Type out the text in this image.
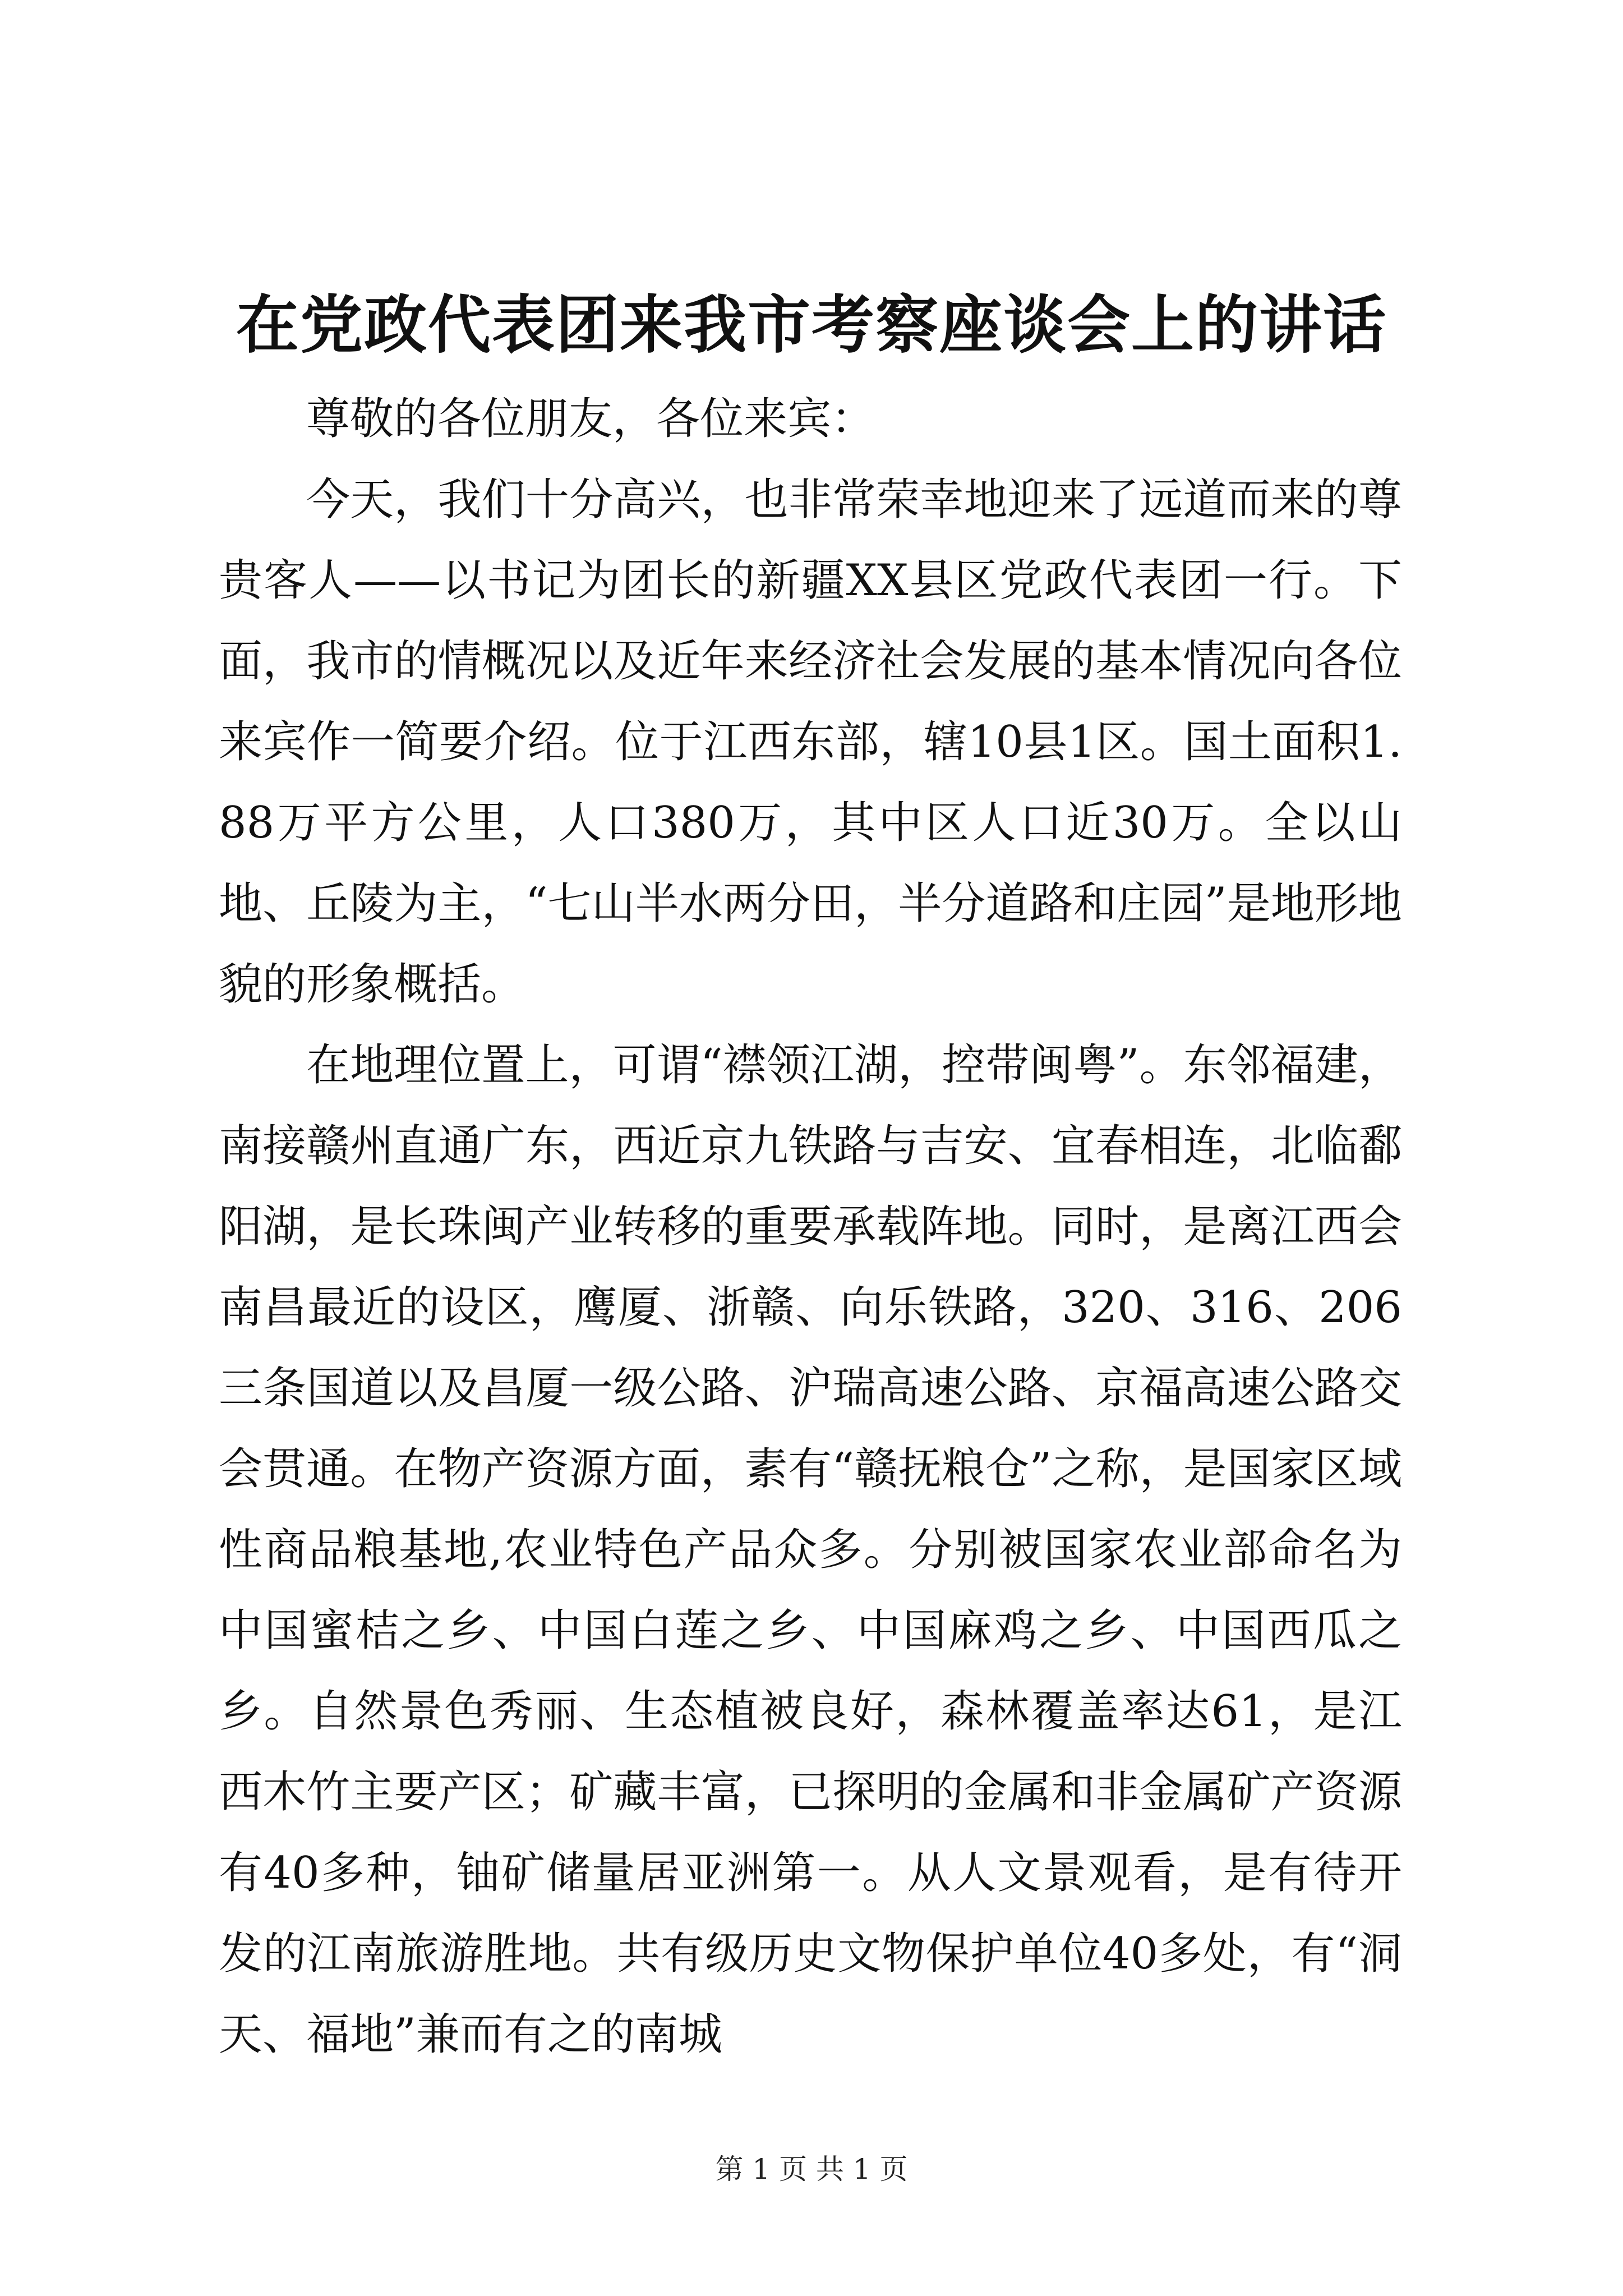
在党政代表团来我市考察座谈会上的讲话

尊敬的各位朋友，各位来宾：

今天，我们十分高兴，也非常荣幸地迎来了远道而来的尊贵客人——以书记为团长的新疆XX县区党政代表团一行。下面，我市的情概况以及近年来经济社会发展的基本情况向各位来宾作一简要介绍。位于江西东部，辖10县1区。国土面积1.88万平方公里，人口380万，其中区人口近30万。全以山地、丘陵为主，“七山半水两分田，半分道路和庄园”是地形地貌的形象概括。

在地理位置上，可谓“襟领江湖，控带闽粤”。东邻福建，南接赣州直通广东，西近京九铁路与吉安、宜春相连，北临鄱阳湖，是长珠闽产业转移的重要承载阵地。同时，是离江西会南昌最近的设区，鹰厦、浙赣、向乐铁路，320、316、206三条国道以及昌厦一级公路、沪瑞高速公路、京福高速公路交会贯通。在物产资源方面，素有“赣抚粮仓”之称，是国家区域性商品粮基地,农业特色产品众多。分别被国家农业部命名为中国蜜桔之乡、中国白莲之乡、中国麻鸡之乡、中国西瓜之乡。自然景色秀丽、生态植被良好，森林覆盖率达61，是江西木竹主要产区；矿藏丰富，已探明的金属和非金属矿产资源有40多种，铀矿储量居亚洲第一。从人文景观看，是有待开发的江南旅游胜地。共有级历史文物保护单位40多处，有“洞天、福地”兼而有之的南城

第 1 页 共 1 页
